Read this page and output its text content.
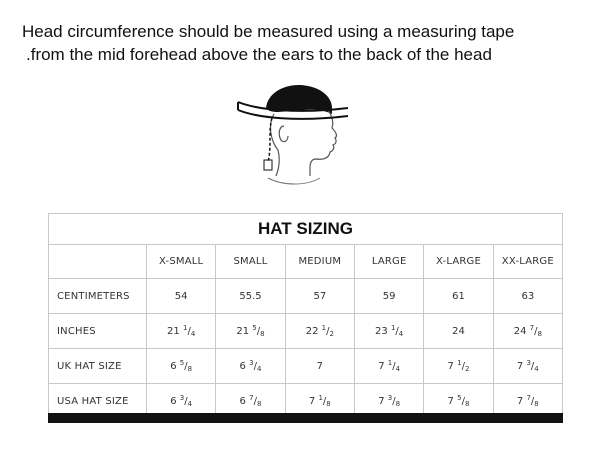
Head circumference should be measured using a measuring tape
.from the mid forehead above the ears to the back of the head
HAT SIZING						
	X-SMALL	SMALL	MEDIUM	LARGE	X-LARGE	XX-LARGE
CENTIMETERS	54	55.5	57	59	61	63
INCHES	21 $^1/_4$	21 $^5/_8$	22 $^1/_2$	23 $^1/_4$	24	24 $^7/_8$
UK HAT SIZE	6 $^5/_8$	6 $^3/_4$	7	7 $^1/_4$	7 $^1/_2$	7 $^3/_4$
USA HAT SIZE	6 $^3/_4$	6 $^7/_8$	7 $^1/_8$	7 $^3/_8$	7 $^5/_8$	7 $^7/_8$
